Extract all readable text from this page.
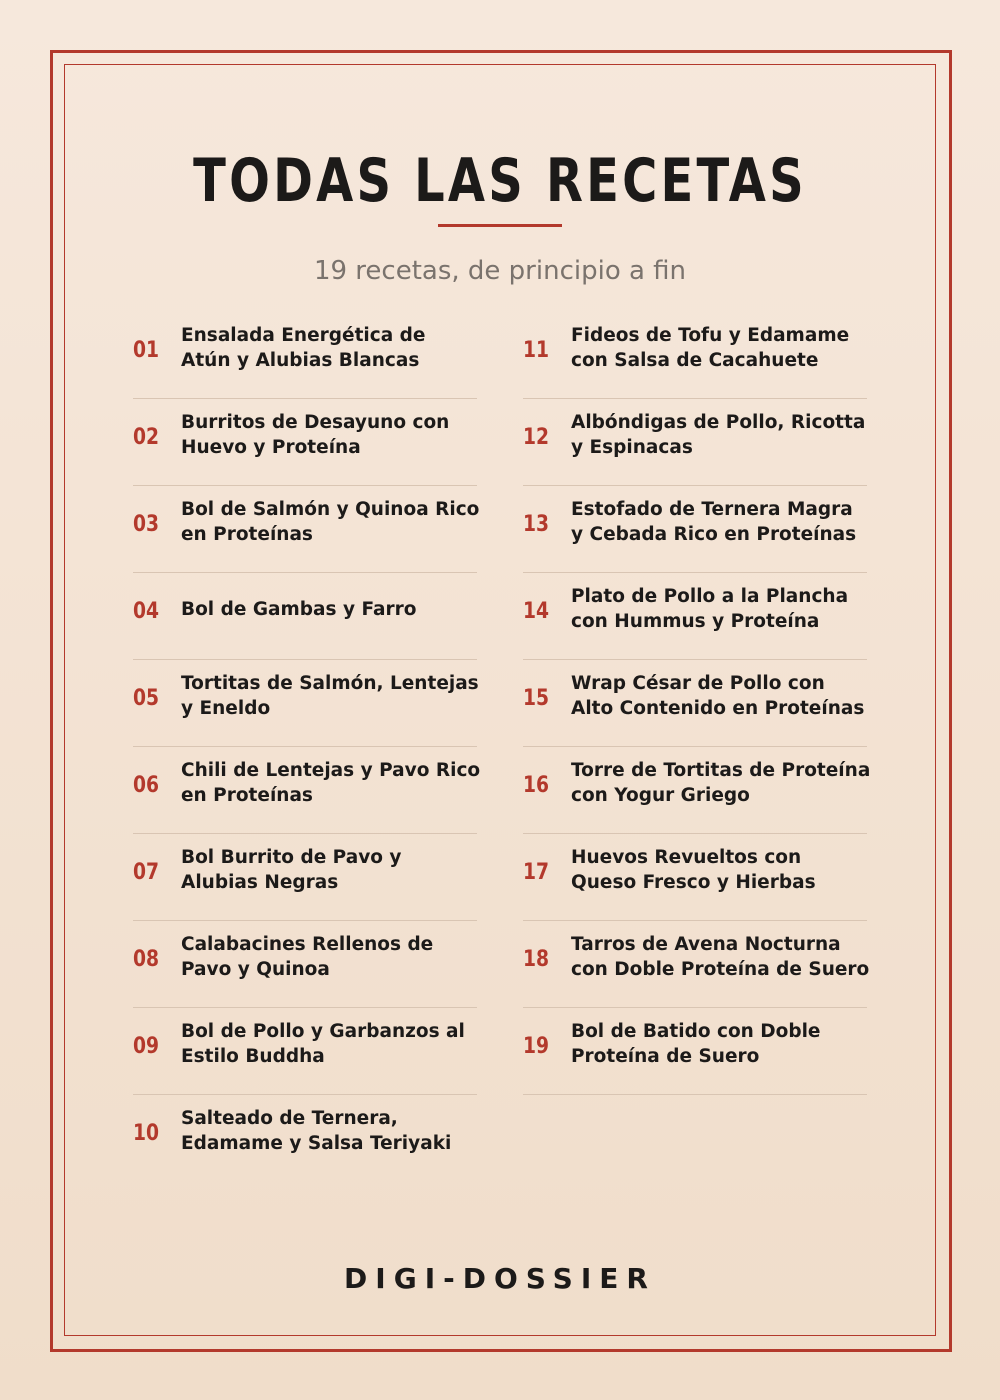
TODAS LAS RECETAS
19 recetas, de principio a fin
01
Ensalada Energética de Atún y Alubias Blancas
02
Burritos de Desayuno con Huevo y Proteína
03
Bol de Salmón y Quinoa Rico en Proteínas
04	Bol de Gambas y Farro
05
Tortitas de Salmón, Lentejas y Eneldo
06
Chili de Lentejas y Pavo Rico en Proteínas
07
Bol Burrito de Pavo y Alubias Negras
08
Calabacines Rellenos de Pavo y Quinoa
09
Bol de Pollo y Garbanzos al Estilo Buddha
10
Salteado de Ternera, Edamame y Salsa Teriyaki
11
Fideos de Tofu y Edamame con Salsa de Cacahuete
12
Albóndigas de Pollo, Ricotta y Espinacas
13
Estofado de Ternera Magra y Cebada Rico en Proteínas
14
Plato de Pollo a la Plancha con Hummus y Proteína
15
Wrap César de Pollo con Alto Contenido en Proteínas
16
Torre de Tortitas de Proteína con Yogur Griego
17
Huevos Revueltos con Queso Fresco y Hierbas
18
Tarros de Avena Nocturna con Doble Proteína de Suero
19
Bol de Batido con Doble Proteína de Suero
DIGI-DOSSIER
